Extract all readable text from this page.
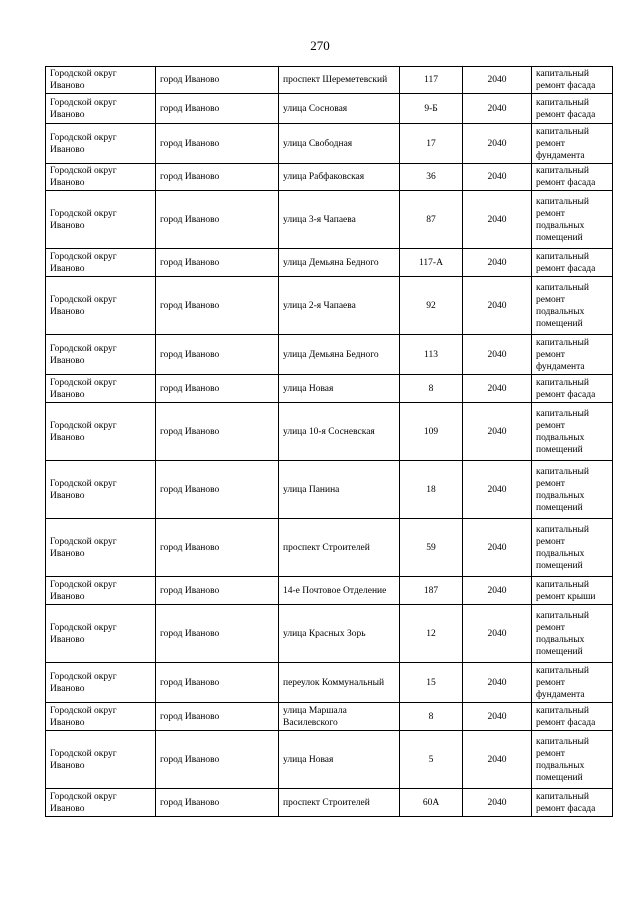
270
Городской округ Иваново	город Иваново	проспект Шереметевский	117	2040	капитальный ремонт фасада
Городской округ Иваново	город Иваново	улица Сосновая	9-Б	2040	капитальный ремонт фасада
Городской округ Иваново	город Иваново	улица Свободная	17	2040	капитальный ремонт фундамента
Городской округ Иваново	город Иваново	улица Рабфаковская	36	2040	капитальный ремонт фасада
Городской округ Иваново	город Иваново	улица 3-я Чапаева	87	2040	капитальный ремонт подвальных помещений
Городской округ Иваново	город Иваново	улица Демьяна Бедного	117-А	2040	капитальный ремонт фасада
Городской округ Иваново	город Иваново	улица 2-я Чапаева	92	2040	капитальный ремонт подвальных помещений
Городской округ Иваново	город Иваново	улица Демьяна Бедного	113	2040	капитальный ремонт фундамента
Городской округ Иваново	город Иваново	улица Новая	8	2040	капитальный ремонт фасада
Городской округ Иваново	город Иваново	улица 10-я Сосневская	109	2040	капитальный ремонт подвальных помещений
Городской округ Иваново	город Иваново	улица Панина	18	2040	капитальный ремонт подвальных помещений
Городской округ Иваново	город Иваново	проспект Строителей	59	2040	капитальный ремонт подвальных помещений
Городской округ Иваново	город Иваново	14-е Почтовое Отделение	187	2040	капитальный ремонт крыши
Городской округ Иваново	город Иваново	улица Красных Зорь	12	2040	капитальный ремонт подвальных помещений
Городской округ Иваново	город Иваново	переулок Коммунальный	15	2040	капитальный ремонт фундамента
Городской округ Иваново	город Иваново	улица Маршала Василевского	8	2040	капитальный ремонт фасада
Городской округ Иваново	город Иваново	улица Новая	5	2040	капитальный ремонт подвальных помещений
Городской округ Иваново	город Иваново	проспект Строителей	60А	2040	капитальный ремонт фасада
